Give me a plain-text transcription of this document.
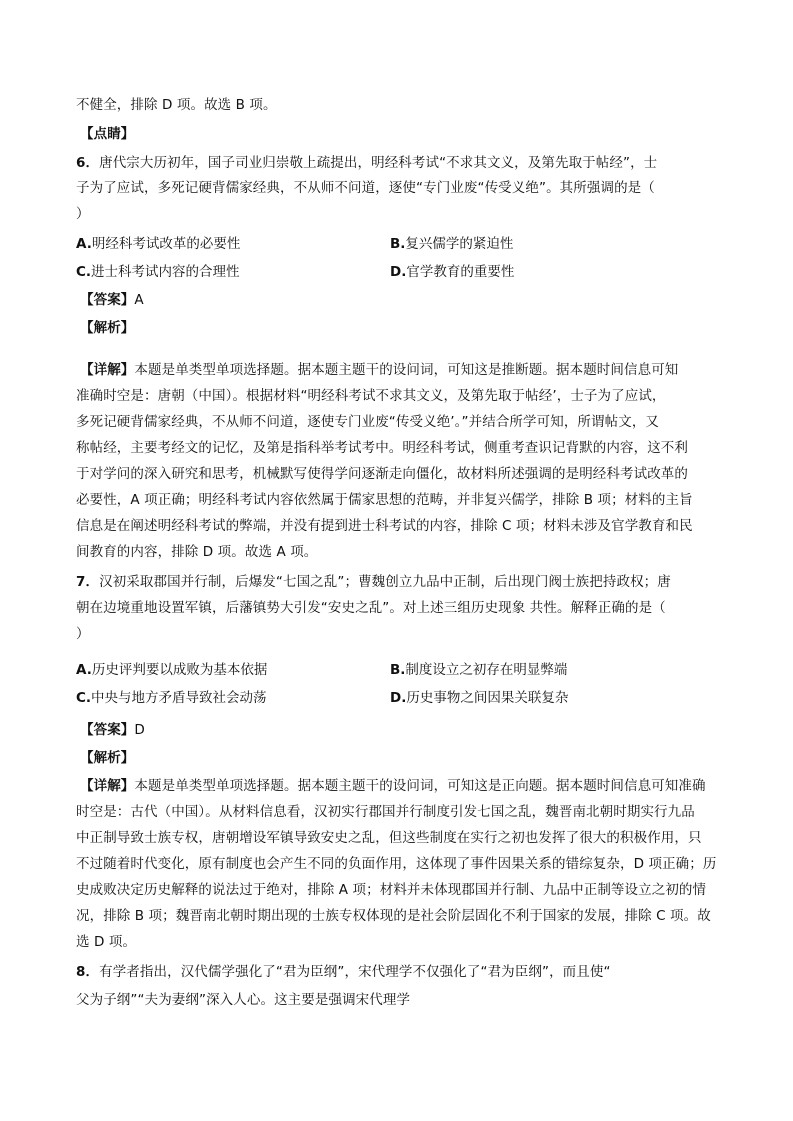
不健全，排除 D 项。故选 B 项。
【点睛】
6．唐代宗大历初年，国子司业归崇敬上疏提出，明经科考试“不求其文义，及第先取于帖经”，士
子为了应试，多死记硬背儒家经典，不从师不问道，逐使“专门业废“传受义绝”。其所强调的是（
）
A.明经科考试改革的必要性	B.复兴儒学的紧迫性
C.进士科考试内容的合理性	D.官学教育的重要性
【答案】A
【解析】
【详解】本题是单类型单项选择题。据本题主题干的设问词，可知这是推断题。据本题时间信息可知
准确时空是：唐朝（中国）。根据材料“明经科考试不求其文义，及第先取于帖经’，士子为了应试，
多死记硬背儒家经典，不从师不问道，逐使专门业废“传受义绝’。”并结合所学可知，所谓帖文，又
称帖经，主要考经文的记忆，及第是指科举考试考中。明经科考试，侧重考查识记背默的内容，这不利
于对学问的深入研究和思考，机械默写使得学问逐渐走向僵化，故材料所述强调的是明经科考试改革的
必要性，A 项正确；明经科考试内容依然属于儒家思想的范畴，并非复兴儒学，排除 B 项；材料的主旨
信息是在阐述明经科考试的弊端，并没有提到进士科考试的内容，排除 C 项；材料未涉及官学教育和民
间教育的内容，排除 D 项。故选 A 项。
7．汉初采取郡国并行制，后爆发“七国之乱”；曹魏创立九品中正制，后出现门阀士族把持政权；唐
朝在边境重地设置军镇，后藩镇势大引发“安史之乱”。对上述三组历史现象 共性。解释正确的是（
）
A.历史评判要以成败为基本依据	B.制度设立之初存在明显弊端
C.中央与地方矛盾导致社会动荡	D.历史事物之间因果关联复杂
【答案】D
【解析】
【详解】本题是单类型单项选择题。据本题主题干的设问词，可知这是正向题。据本题时间信息可知准确
时空是：古代（中国）。从材料信息看，汉初实行郡国并行制度引发七国之乱，魏晋南北朝时期实行九品
中正制导致士族专权，唐朝增设军镇导致安史之乱，但这些制度在实行之初也发挥了很大的积极作用，只
不过随着时代变化，原有制度也会产生不同的负面作用，这体现了事件因果关系的错综复杂，D 项正确；历
史成败决定历史解释的说法过于绝对，排除 A 项；材料并未体现郡国并行制、九品中正制等设立之初的情
况，排除 B 项；魏晋南北朝时期出现的士族专权体现的是社会阶层固化不利于国家的发展，排除 C 项。故
选 D 项。
8．有学者指出，汉代儒学强化了“君为臣纲”，宋代理学不仅强化了“君为臣纲”，而且使“
父为子纲”“夫为妻纲”深入人心。这主要是强调宋代理学
